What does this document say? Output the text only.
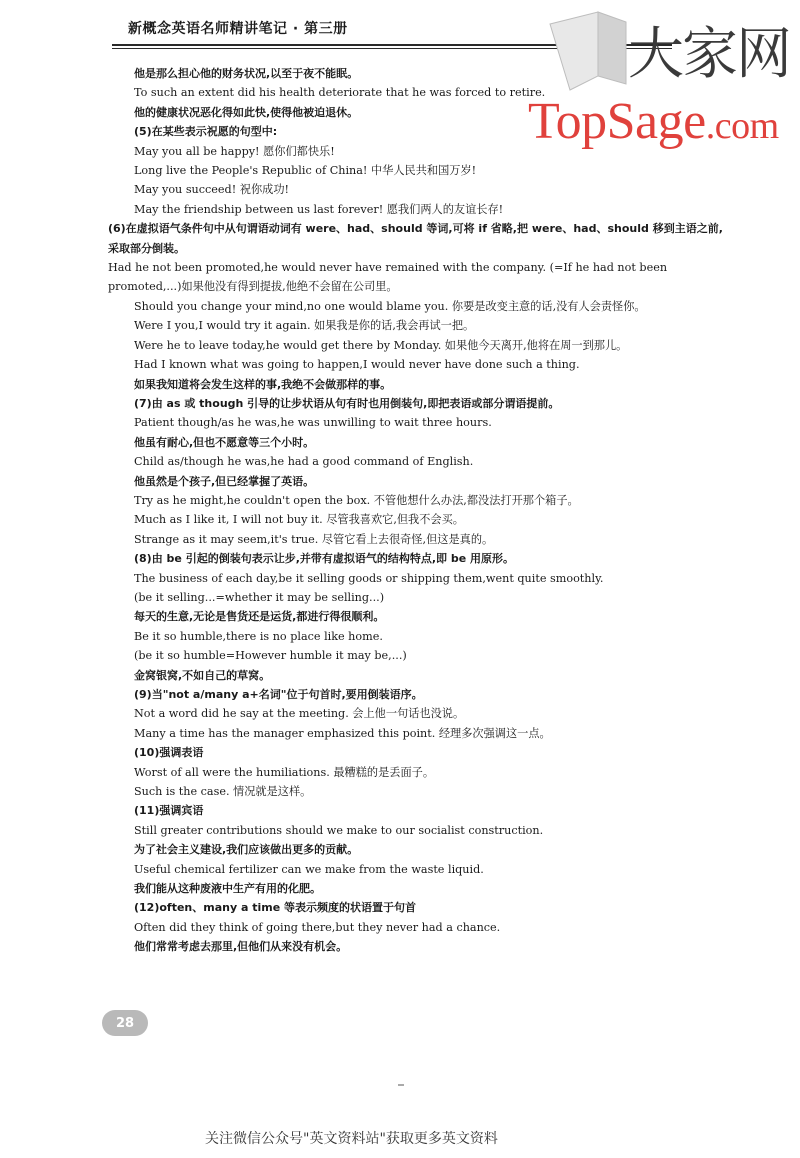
新概念英语名师精讲笔记 · 第三册	大家网
TopSage.com
他是那么担心他的财务状况,以至于夜不能眠。
To such an extent did his health deteriorate that he was forced to retire.
他的健康状况恶化得如此快,使得他被迫退休。
(5)在某些表示祝愿的句型中:
May you all be happy! 愿你们都快乐!
Long live the People's Republic of China! 中华人民共和国万岁!
May you succeed! 祝你成功!
May the friendship between us last forever! 愿我们两人的友谊长存!
(6)在虚拟语气条件句中从句谓语动词有 were、had、should 等词,可将 if 省略,把 were、had、should 移到主语之前,采取部分倒装。
Had he not been promoted,he would never have remained with the company. (=If he had not been promoted,...)如果他没有得到提拔,他绝不会留在公司里。
Should you change your mind,no one would blame you. 你要是改变主意的话,没有人会责怪你。
Were I you,I would try it again. 如果我是你的话,我会再试一把。
Were he to leave today,he would get there by Monday. 如果他今天离开,他将在周一到那儿。
Had I known what was going to happen,I would never have done such a thing.
如果我知道将会发生这样的事,我绝不会做那样的事。
(7)由 as 或 though 引导的让步状语从句有时也用倒装句,即把表语或部分谓语提前。
Patient though/as he was,he was unwilling to wait three hours.
他虽有耐心,但也不愿意等三个小时。
Child as/though he was,he had a good command of English.
他虽然是个孩子,但已经掌握了英语。
Try as he might,he couldn't open the box. 不管他想什么办法,都没法打开那个箱子。
Much as I like it, I will not buy it. 尽管我喜欢它,但我不会买。
Strange as it may seem,it's true. 尽管它看上去很奇怪,但这是真的。
(8)由 be 引起的倒装句表示让步,并带有虚拟语气的结构特点,即 be 用原形。
The business of each day,be it selling goods or shipping them,went quite smoothly.
(be it selling...=whether it may be selling...)
每天的生意,无论是售货还是运货,都进行得很顺利。
Be it so humble,there is no place like home.
(be it so humble=However humble it may be,...)
金窝银窝,不如自己的草窝。
(9)当"not a/many a+名词"位于句首时,要用倒装语序。
Not a word did he say at the meeting. 会上他一句话也没说。
Many a time has the manager emphasized this point. 经理多次强调这一点。
(10)强调表语
Worst of all were the humiliations. 最糟糕的是丢面子。
Such is the case. 情况就是这样。
(11)强调宾语
Still greater contributions should we make to our socialist construction.
为了社会主义建设,我们应该做出更多的贡献。
Useful chemical fertilizer can we make from the waste liquid.
我们能从这种废液中生产有用的化肥。
(12)often、many a time 等表示频度的状语置于句首
Often did they think of going there,but they never had a chance.
他们常常考虑去那里,但他们从来没有机会。
28
关注微信公众号"英文资料站"获取更多英文资料
